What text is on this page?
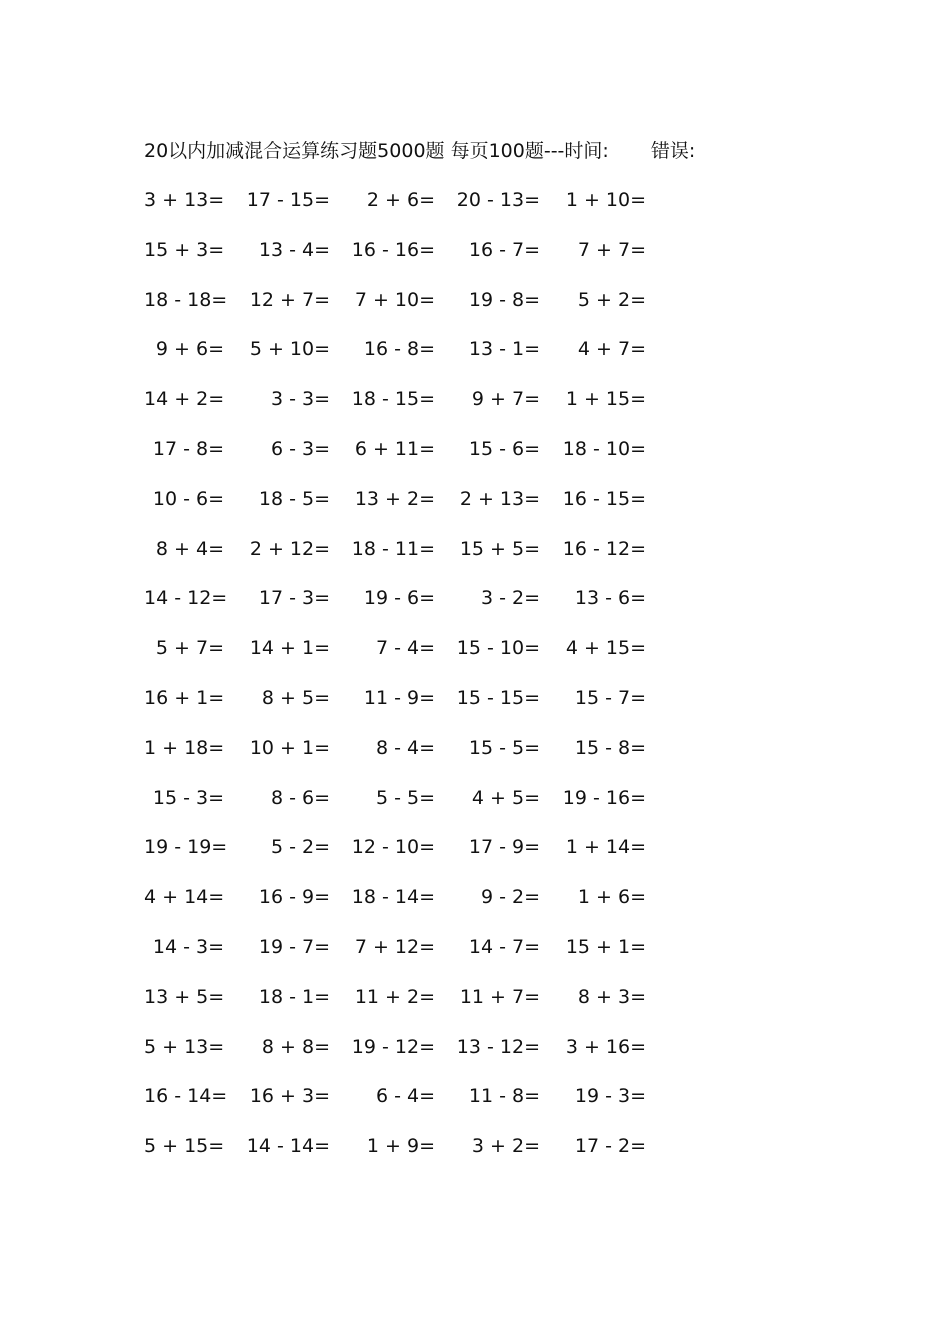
20以内加减混合运算练习题5000题 每页100题---时间: 错误:
3 + 13= 17 - 15= 2 + 6= 20 - 13= 1 + 10=
15 + 3= 13 - 4= 16 - 16= 16 - 7= 7 + 7=
18 - 18= 12 + 7= 7 + 10= 19 - 8= 5 + 2=
9 + 6= 5 + 10= 16 - 8= 13 - 1= 4 + 7=
14 + 2= 3 - 3= 18 - 15= 9 + 7= 1 + 15=
17 - 8= 6 - 3= 6 + 11= 15 - 6= 18 - 10=
10 - 6= 18 - 5= 13 + 2= 2 + 13= 16 - 15=
8 + 4= 2 + 12= 18 - 11= 15 + 5= 16 - 12=
14 - 12= 17 - 3= 19 - 6= 3 - 2= 13 - 6=
5 + 7= 14 + 1= 7 - 4= 15 - 10= 4 + 15=
16 + 1= 8 + 5= 11 - 9= 15 - 15= 15 - 7=
1 + 18= 10 + 1= 8 - 4= 15 - 5= 15 - 8=
15 - 3= 8 - 6= 5 - 5= 4 + 5= 19 - 16=
19 - 19= 5 - 2= 12 - 10= 17 - 9= 1 + 14=
4 + 14= 16 - 9= 18 - 14= 9 - 2= 1 + 6=
14 - 3= 19 - 7= 7 + 12= 14 - 7= 15 + 1=
13 + 5= 18 - 1= 11 + 2= 11 + 7= 8 + 3=
5 + 13= 8 + 8= 19 - 12= 13 - 12= 3 + 16=
16 - 14= 16 + 3= 6 - 4= 11 - 8= 19 - 3=
5 + 15= 14 - 14= 1 + 9= 3 + 2= 17 - 2=
